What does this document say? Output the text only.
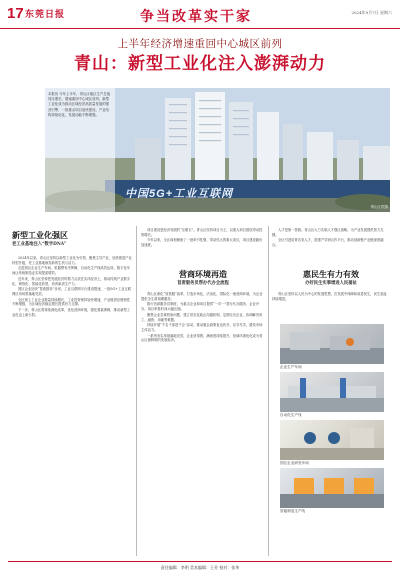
17 东莞日报	争当改革实干家	2024年9月7日 星期六
上半年经济增速重回中心城区前列
青山：新型工业化注入澎湃动力

本报讯 今年上半年，青山区地区生产总值同比增长，增速重回中心城区前列。新型工业化成为推动区域经济高质量发展的强劲引擎，一批重点项目加快建设，产业结构持续优化，发展动能不断增强。

中国5G+工业互联网
青山区供图
新型工业化强区
老工业基地注入“数字DNA”

2024年以来，青山区坚持以新型工业化为引领，聚焦主导产业，加快推进产业转型升级，老工业基地焕发新的生机与活力。

走进园区企业生产车间，机器臂有序挥舞，自动化生产线高效运转，数字化车间让传统制造业实现提质增效。

近年来，青山区坚持把发展经济的着力点放在实体经济上，推动传统产业数字化、网络化、智能化转型，培育新质生产力。

园区企业加快“智改数转”步伐，工业互联网平台建设提速，一批5G+工业互联网应用场景落地见效。

全区规上工业企业数量持续增长，工业投资保持较快增速，产业链供应链韧性不断增强，为区域经济稳定增长提供有力支撑。

下一步，青山区将持续深化改革，优化营商环境，强化要素保障，推动新型工业化迈上新台阶。

项目建设是经济发展的“压舱石”。青山区坚持项目为王，以重大项目建设带动投资增长。

今年以来，全区谋划储备了一批牵引性强、带动性大的重大项目，项目建设跑出加速度。

营商环境再造
首席服务员帮办代办全流程

青山区深化“放管服”改革，打造市场化、法治化、国际化一流营商环境，为企业提供全生命周期服务。

推行首席服务员制度，为重点企业和项目提供“一对一”帮办代办服务，企业开办、项目审批时间大幅压缩。

聚焦企业急难愁盼问题，建立常态化政企沟通机制，定期走访企业，协调解决用工、融资、用地等难题。

持续开展“千名干部进千企”活动，推动惠企政策直达快享、应享尽享，激发市场主体活力。

一系列务实举措落地见效，企业获得感、满意度持续提升，营商环境优化成为青山区最鲜明的发展标识。

人才是第一资源。青山区大力实施人才强区战略，为产业发展提供智力支撑。

全区引进培育各类人才，搭建产学研合作平台，推动创新链产业链深度融合。

惠民生有力有效
办好民生实事增进人民福祉

青山区坚持以人民为中心的发展思想，在发展中保障和改善民生，民生福祉持续增进。

企业生产车间
自动化生产线
园区企业研发车间
智能制造生产线
责任编辑：李明 美术编辑：王芳 校对：张华
